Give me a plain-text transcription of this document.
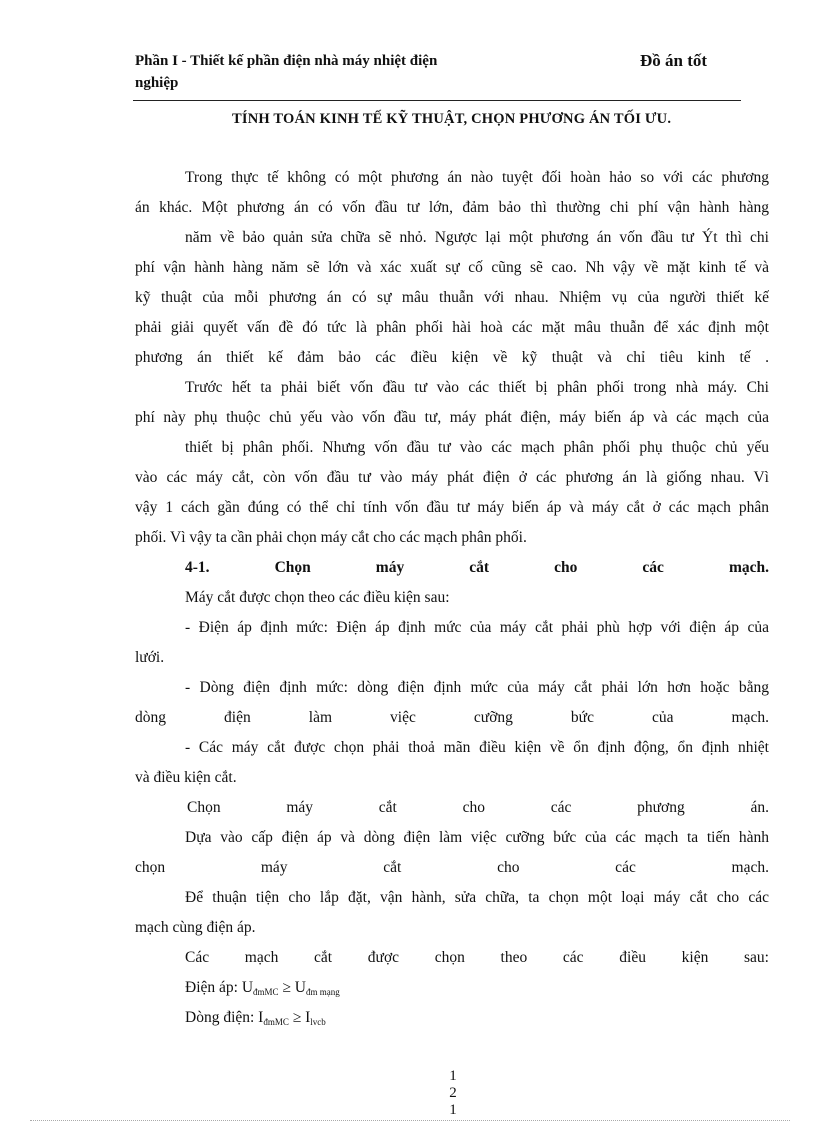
Phần I - Thiết kế phần điện nhà máy nhiệt điện
nghiệp
Đồ án tốt
TÍNH TOÁN KINH TẾ KỸ THUẬT, CHỌN PHƯƠNG ÁN TỐI ƯU.
Trong thực tế không có một phương án nào tuyệt đối hoàn hảo so với các phương
án khác. Một phương án có vốn đầu tư lớn, đảm bảo thì thường chi phí vận hành hàng
năm về bảo quản sửa chữa sẽ nhỏ. Ngược lại một phương án vốn đầu tư Ýt thì chi
phí vận hành hàng năm sẽ lớn và xác xuất sự cố cũng sẽ cao. Nh vậy về mặt kinh tế và
kỹ thuật của mỗi phương án có sự mâu thuẫn với nhau. Nhiệm vụ của người thiết kế
phải giải quyết vấn đề đó tức là phân phối hài hoà các mặt mâu thuẫn để xác định một
phương án thiết kế đảm bảo các điều kiện về kỹ thuật và chỉ tiêu kinh tế .
Trước hết ta phải biết vốn đầu tư vào các thiết bị phân phối trong nhà máy. Chi
phí này phụ thuộc chủ yếu vào vốn đầu tư, máy phát điện, máy biến áp và các mạch của
thiết bị phân phối. Nhưng vốn đầu tư vào các mạch phân phối phụ thuộc chủ yếu
vào các máy cắt, còn vốn đầu tư vào máy phát điện ở các phương án là giống nhau. Vì
vậy 1 cách gần đúng có thể chỉ tính vốn đầu tư máy biến áp và máy cắt ở các mạch phân
phối. Vì vậy ta cần phải chọn máy cắt cho các mạch phân phối.
4-1. Chọn máy cắt cho các mạch.
Máy cắt được chọn theo các điều kiện sau:
- Điện áp định mức: Điện áp định mức của máy cắt phải phù hợp với điện áp của
lưới.
- Dòng điện định mức: dòng điện định mức của máy cắt phải lớn hơn hoặc bằng
dòng điện làm việc cưỡng bức của mạch.
- Các máy cắt được chọn phải thoả mãn điều kiện về ổn định động, ổn định nhiệt
và điều kiện cắt.
Chọn máy cắt cho các phương án.
Dựa vào cấp điện áp và dòng điện làm việc cưỡng bức của các mạch ta tiến hành
chọn máy cắt cho các mạch.
Để thuận tiện cho lắp đặt, vận hành, sửa chữa, ta chọn một loại máy cắt cho các
mạch cùng điện áp.
Các mạch cắt được chọn theo các điều kiện sau:
Điện áp: $U_{đmMC} \ge U_{đm mạng}$
Dòng điện: $I_{đmMC} \ge I_{lvcb}$
1
2
1
